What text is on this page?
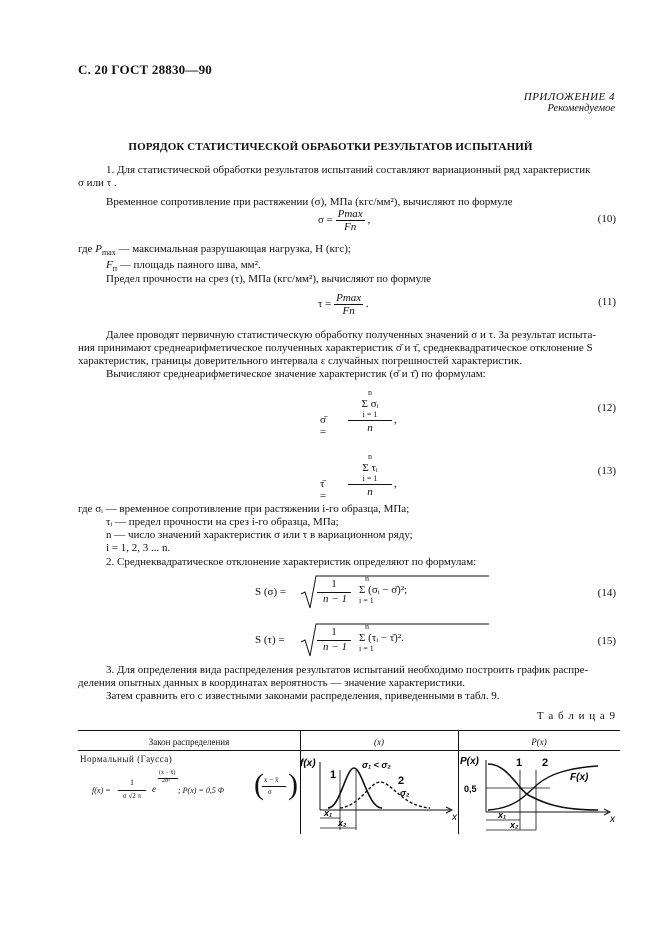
С. 20 ГОСТ 28830—90
ПРИЛОЖЕНИЕ 4
Рекомендуемое
ПОРЯДОК СТАТИСТИЧЕСКОЙ ОБРАБОТКИ РЕЗУЛЬТАТОВ ИСПЫТАНИЙ
1. Для статистической обработки результатов испытаний составляют вариационный ряд характеристик
σ или τ .
Временное сопротивление при растяжении (σ), МПа (кгс/мм²), вычисляют по формуле
$\sigma = \frac{Pmax}{Fп}$ ,	(10)
где $P_{max}$ — максимальная разрушающая нагрузка, Н (кгс);
$F_п$ — площадь паяного шва, мм².
Предел прочности на срез (τ), МПа (кгс/мм²), вычисляют по формуле
$\tau = \frac{Pmax}{Fп}$ .	(11)
Далее проводят первичную статистическую обработку полученных значений σ и τ. За результат испыта-
ния принимают среднеарифметическое полученных характеристик σ̄ и τ̄, среднеквадратическое отклонение S
характеристик, границы доверительного интервала ε случайных погрешностей характеристик.
Вычисляют среднеарифметическое значение характеристик (σ̄ и τ̄) по формулам:
σ̄ =
n
Σ σᵢ
i = 1
n
,
(12)
τ̄ =
n
Σ τᵢ
i = 1
n
,
(13)
где σᵢ — временное сопротивление при растяжении i-го образца, МПа;
τᵢ — предел прочности на срез i-го образца, МПа;
n — число значений характеристик σ или τ в вариационном ряду;
i = 1, 2, 3 ... n.
2. Среднеквадратическое отклонение характеристик определяют по формулам:
S (σ) =
1
n − 1
n
Σ (σᵢ − σ̄)²;
i = 1
(14)
S (τ) =
1
n − 1
n
Σ (τᵢ − τ̄)².
i = 1
(15)
3. Для определения вида распределения результатов испытаний необходимо построить график распре-
деления опытных данных в координатах вероятность — значение характеристики.
Затем сравнить его с известными законами распределения, приведенными в табл. 9.
Т а б л и ц а 9
Закон распределения	(x)	P(x)
Нормальный (Гаусса)
f(x) =
1
σ √2 π
e
(x − x̄)
2σ²
; P(x) = 0,5 Φ ( x − x̄
σ )
f(x)
x
1	2
σ₁ < σ₂
σ₂
x₁
x₂
P(x)
x
1 2
F(x)
0,5
x₁
x₂
